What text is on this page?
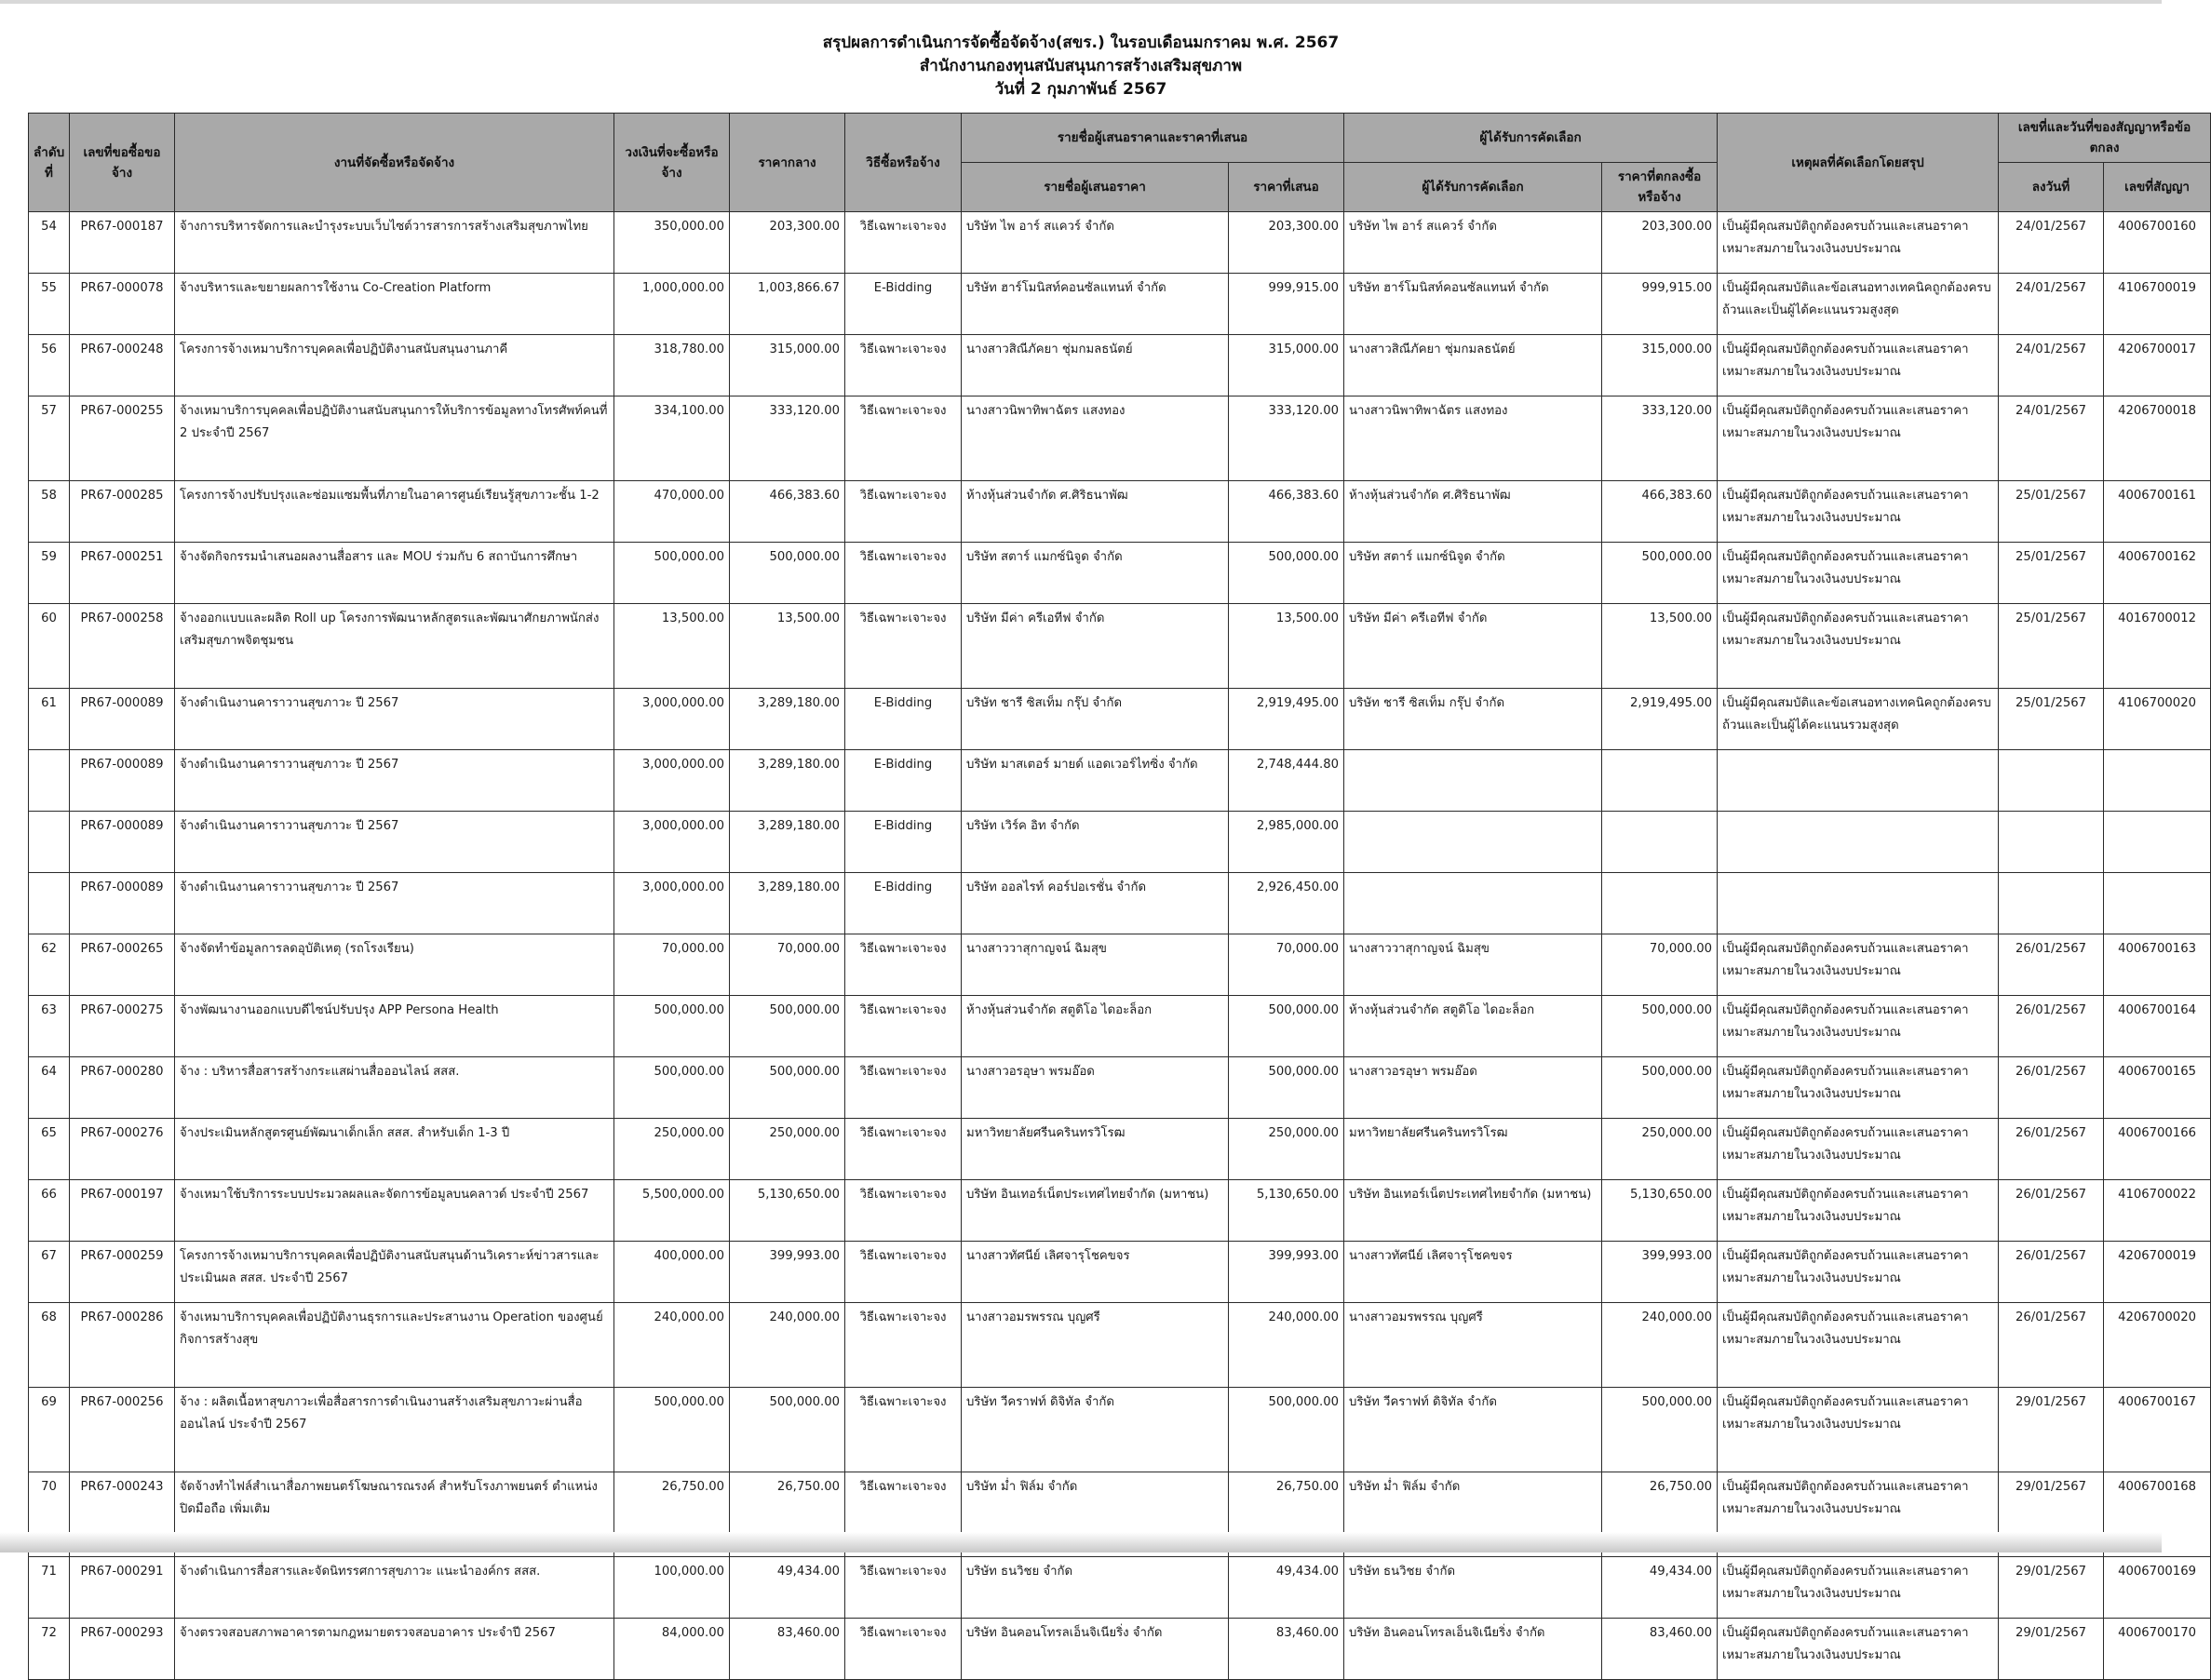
สรุปผลการดำเนินการจัดซื้อจัดจ้าง(สขร.) ในรอบเดือนมกราคม พ.ศ. 2567
สำนักงานกองทุนสนับสนุนการสร้างเสริมสุขภาพ
วันที่ 2 กุมภาพันธ์ 2567
ลำดับที่	เลขที่ขอซื้อขอจ้าง	งานที่จัดซื้อหรือจัดจ้าง	วงเงินที่จะซื้อหรือจ้าง	ราคากลาง	วิธีซื้อหรือจ้าง	รายชื่อผู้เสนอราคาและราคาที่เสนอ		ผู้ได้รับการคัดเลือก		เหตุผลที่คัดเลือกโดยสรุป	เลขที่และวันที่ของสัญญาหรือข้อตกลง	
						รายชื่อผู้เสนอราคา	ราคาที่เสนอ	ผู้ได้รับการคัดเลือก	ราคาที่ตกลงซื้อหรือจ้าง		ลงวันที่	เลขที่สัญญา
54	PR67-000187	จ้างการบริหารจัดการและบำรุงระบบเว็บไซต์วารสารการสร้างเสริมสุขภาพไทย	350,000.00	203,300.00	วิธีเฉพาะเจาะจง	บริษัท ไพ อาร์ สแควร์ จำกัด	203,300.00	บริษัท ไพ อาร์ สแควร์ จำกัด	203,300.00	เป็นผู้มีคุณสมบัติถูกต้องครบถ้วนและเสนอราคาเหมาะสมภายในวงเงินงบประมาณ	24/01/2567	4006700160
55	PR67-000078	จ้างบริหารและขยายผลการใช้งาน Co-Creation Platform	1,000,000.00	1,003,866.67	E-Bidding	บริษัท ฮาร์โมนิสท์คอนซัลแทนท์ จำกัด	999,915.00	บริษัท ฮาร์โมนิสท์คอนซัลแทนท์ จำกัด	999,915.00	เป็นผู้มีคุณสมบัติและข้อเสนอทางเทคนิคถูกต้องครบถ้วนและเป็นผู้ได้คะแนนรวมสูงสุด	24/01/2567	4106700019
56	PR67-000248	โครงการจ้างเหมาบริการบุคคลเพื่อปฏิบัติงานสนับสนุนงานภาคี	318,780.00	315,000.00	วิธีเฉพาะเจาะจง	นางสาวสิณีภัคยา ชุ่มกมลธนัตย์	315,000.00	นางสาวสิณีภัคยา ชุ่มกมลธนัตย์	315,000.00	เป็นผู้มีคุณสมบัติถูกต้องครบถ้วนและเสนอราคาเหมาะสมภายในวงเงินงบประมาณ	24/01/2567	4206700017
57	PR67-000255	จ้างเหมาบริการบุคคลเพื่อปฏิบัติงานสนับสนุนการให้บริการข้อมูลทางโทรศัพท์คนที่ 2 ประจำปี 2567	334,100.00	333,120.00	วิธีเฉพาะเจาะจง	นางสาวนิพาทิพาฉัตร แสงทอง	333,120.00	นางสาวนิพาทิพาฉัตร แสงทอง	333,120.00	เป็นผู้มีคุณสมบัติถูกต้องครบถ้วนและเสนอราคาเหมาะสมภายในวงเงินงบประมาณ	24/01/2567	4206700018
58	PR67-000285	โครงการจ้างปรับปรุงและซ่อมแซมพื้นที่ภายในอาคารศูนย์เรียนรู้สุขภาวะชั้น 1-2	470,000.00	466,383.60	วิธีเฉพาะเจาะจง	ห้างหุ้นส่วนจำกัด ศ.ศิริธนาพัฒ	466,383.60	ห้างหุ้นส่วนจำกัด ศ.ศิริธนาพัฒ	466,383.60	เป็นผู้มีคุณสมบัติถูกต้องครบถ้วนและเสนอราคาเหมาะสมภายในวงเงินงบประมาณ	25/01/2567	4006700161
59	PR67-000251	จ้างจัดกิจกรรมนำเสนอผลงานสื่อสาร และ MOU ร่วมกับ 6 สถาบันการศึกษา	500,000.00	500,000.00	วิธีเฉพาะเจาะจง	บริษัท สตาร์ แมกซ์นิจูด จำกัด	500,000.00	บริษัท สตาร์ แมกซ์นิจูด จำกัด	500,000.00	เป็นผู้มีคุณสมบัติถูกต้องครบถ้วนและเสนอราคาเหมาะสมภายในวงเงินงบประมาณ	25/01/2567	4006700162
60	PR67-000258	จ้างออกแบบและผลิต Roll up โครงการพัฒนาหลักสูตรและพัฒนาศักยภาพนักส่งเสริมสุขภาพจิตชุมชน	13,500.00	13,500.00	วิธีเฉพาะเจาะจง	บริษัท มีค่า ครีเอทีฟ จำกัด	13,500.00	บริษัท มีค่า ครีเอทีฟ จำกัด	13,500.00	เป็นผู้มีคุณสมบัติถูกต้องครบถ้วนและเสนอราคาเหมาะสมภายในวงเงินงบประมาณ	25/01/2567	4016700012
61	PR67-000089	จ้างดำเนินงานคาราวานสุขภาวะ ปี 2567	3,000,000.00	3,289,180.00	E-Bidding	บริษัท ชารี ซิสเท็ม กรุ๊ป จำกัด	2,919,495.00	บริษัท ชารี ซิสเท็ม กรุ๊ป จำกัด	2,919,495.00	เป็นผู้มีคุณสมบัติและข้อเสนอทางเทคนิคถูกต้องครบถ้วนและเป็นผู้ได้คะแนนรวมสูงสุด	25/01/2567	4106700020
	PR67-000089	จ้างดำเนินงานคาราวานสุขภาวะ ปี 2567	3,000,000.00	3,289,180.00	E-Bidding	บริษัท มาสเตอร์ มายด์ แอดเวอร์ไทซิ่ง จำกัด	2,748,444.80					
	PR67-000089	จ้างดำเนินงานคาราวานสุขภาวะ ปี 2567	3,000,000.00	3,289,180.00	E-Bidding	บริษัท เวิร์ค อิท จำกัด	2,985,000.00					
	PR67-000089	จ้างดำเนินงานคาราวานสุขภาวะ ปี 2567	3,000,000.00	3,289,180.00	E-Bidding	บริษัท ออลไรท์ คอร์ปอเรชั่น จำกัด	2,926,450.00					
62	PR67-000265	จ้างจัดทำข้อมูลการลดอุบัติเหตุ (รถโรงเรียน)	70,000.00	70,000.00	วิธีเฉพาะเจาะจง	นางสาววาสุกาญจน์ ฉิมสุข	70,000.00	นางสาววาสุกาญจน์ ฉิมสุข	70,000.00	เป็นผู้มีคุณสมบัติถูกต้องครบถ้วนและเสนอราคาเหมาะสมภายในวงเงินงบประมาณ	26/01/2567	4006700163
63	PR67-000275	จ้างพัฒนางานออกแบบดีไซน์ปรับปรุง APP Persona Health	500,000.00	500,000.00	วิธีเฉพาะเจาะจง	ห้างหุ้นส่วนจำกัด สตูดิโอ ไดอะล็อก	500,000.00	ห้างหุ้นส่วนจำกัด สตูดิโอ ไดอะล็อก	500,000.00	เป็นผู้มีคุณสมบัติถูกต้องครบถ้วนและเสนอราคาเหมาะสมภายในวงเงินงบประมาณ	26/01/2567	4006700164
64	PR67-000280	จ้าง : บริหารสื่อสารสร้างกระแสผ่านสื่อออนไลน์ สสส.	500,000.00	500,000.00	วิธีเฉพาะเจาะจง	นางสาวอรอุษา พรมอ๊อด	500,000.00	นางสาวอรอุษา พรมอ๊อด	500,000.00	เป็นผู้มีคุณสมบัติถูกต้องครบถ้วนและเสนอราคาเหมาะสมภายในวงเงินงบประมาณ	26/01/2567	4006700165
65	PR67-000276	จ้างประเมินหลักสูตรศูนย์พัฒนาเด็กเล็ก สสส. สำหรับเด็ก 1-3 ปี	250,000.00	250,000.00	วิธีเฉพาะเจาะจง	มหาวิทยาลัยศรีนครินทรวิโรฒ	250,000.00	มหาวิทยาลัยศรีนครินทรวิโรฒ	250,000.00	เป็นผู้มีคุณสมบัติถูกต้องครบถ้วนและเสนอราคาเหมาะสมภายในวงเงินงบประมาณ	26/01/2567	4006700166
66	PR67-000197	จ้างเหมาใช้บริการระบบประมวลผลและจัดการข้อมูลบนคลาวด์ ประจำปี 2567	5,500,000.00	5,130,650.00	วิธีเฉพาะเจาะจง	บริษัท อินเทอร์เน็ตประเทศไทยจำกัด (มหาชน)	5,130,650.00	บริษัท อินเทอร์เน็ตประเทศไทยจำกัด (มหาชน)	5,130,650.00	เป็นผู้มีคุณสมบัติถูกต้องครบถ้วนและเสนอราคาเหมาะสมภายในวงเงินงบประมาณ	26/01/2567	4106700022
67	PR67-000259	โครงการจ้างเหมาบริการบุคคลเพื่อปฏิบัติงานสนับสนุนด้านวิเคราะห์ข่าวสารและประเมินผล สสส. ประจำปี 2567	400,000.00	399,993.00	วิธีเฉพาะเจาะจง	นางสาวทัศนีย์ เลิศจารุโชคขจร	399,993.00	นางสาวทัศนีย์ เลิศจารุโชคขจร	399,993.00	เป็นผู้มีคุณสมบัติถูกต้องครบถ้วนและเสนอราคาเหมาะสมภายในวงเงินงบประมาณ	26/01/2567	4206700019
68	PR67-000286	จ้างเหมาบริการบุคคลเพื่อปฏิบัติงานธุรการและประสานงาน Operation ของศูนย์กิจการสร้างสุข	240,000.00	240,000.00	วิธีเฉพาะเจาะจง	นางสาวอมรพรรณ บุญศรี	240,000.00	นางสาวอมรพรรณ บุญศรี	240,000.00	เป็นผู้มีคุณสมบัติถูกต้องครบถ้วนและเสนอราคาเหมาะสมภายในวงเงินงบประมาณ	26/01/2567	4206700020
69	PR67-000256	จ้าง : ผลิตเนื้อหาสุขภาวะเพื่อสื่อสารการดำเนินงานสร้างเสริมสุขภาวะผ่านสื่อออนไลน์ ประจำปี 2567	500,000.00	500,000.00	วิธีเฉพาะเจาะจง	บริษัท วีคราฟท์ ดิจิทัล จำกัด	500,000.00	บริษัท วีคราฟท์ ดิจิทัล จำกัด	500,000.00	เป็นผู้มีคุณสมบัติถูกต้องครบถ้วนและเสนอราคาเหมาะสมภายในวงเงินงบประมาณ	29/01/2567	4006700167
70	PR67-000243	จัดจ้างทำไฟล์สำเนาสื่อภาพยนตร์โฆษณารณรงค์ สำหรับโรงภาพยนตร์ ตำแหน่งปิดมือถือ เพิ่มเติม	26,750.00	26,750.00	วิธีเฉพาะเจาะจง	บริษัท ม่ำ ฟิล์ม จำกัด	26,750.00	บริษัท ม่ำ ฟิล์ม จำกัด	26,750.00	เป็นผู้มีคุณสมบัติถูกต้องครบถ้วนและเสนอราคาเหมาะสมภายในวงเงินงบประมาณ	29/01/2567	4006700168
71	PR67-000291	จ้างดำเนินการสื่อสารและจัดนิทรรศการสุขภาวะ แนะนำองค์กร สสส.	100,000.00	49,434.00	วิธีเฉพาะเจาะจง	บริษัท ธนวิชย จำกัด	49,434.00	บริษัท ธนวิชย จำกัด	49,434.00	เป็นผู้มีคุณสมบัติถูกต้องครบถ้วนและเสนอราคาเหมาะสมภายในวงเงินงบประมาณ	29/01/2567	4006700169
72	PR67-000293	จ้างตรวจสอบสภาพอาคารตามกฎหมายตรวจสอบอาคาร ประจำปี 2567	84,000.00	83,460.00	วิธีเฉพาะเจาะจง	บริษัท อินคอนโทรลเอ็นจิเนียริ่ง จำกัด	83,460.00	บริษัท อินคอนโทรลเอ็นจิเนียริ่ง จำกัด	83,460.00	เป็นผู้มีคุณสมบัติถูกต้องครบถ้วนและเสนอราคาเหมาะสมภายในวงเงินงบประมาณ	29/01/2567	4006700170
